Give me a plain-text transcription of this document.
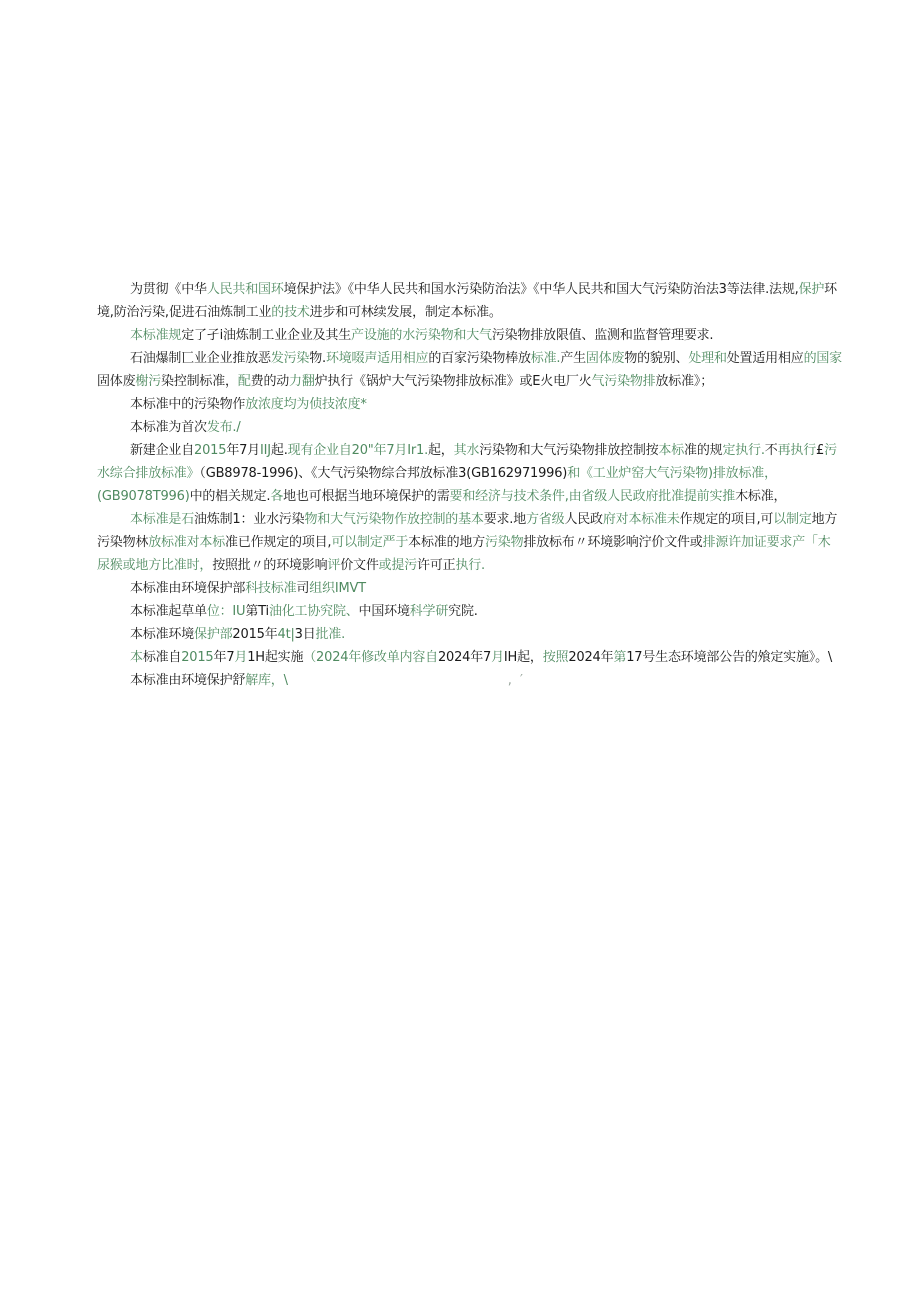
为贯彻《中华人民共和国环境保护法》《中华人民共和国水污染防治法》《中华人民共和国大气污染防治法3等法律.法规,保护环境,防治污染,促进石油炼制工业的技术进步和可林续发展，制定本标准。

本标准规定了孑i油炼制工业企业及其生产设施的水污染物和大气污染物排放限值、监测和监督管理要求.

石油爆制匸业企业推放恶发污染物.环境啜声适用相应的百家污染物棒放标准.产生固体废物的貌别、处理和处置适用相应的国家固体废榭污染控制标准，配费的动力翻炉执行《锅炉大气污染物排放标准》或E火电厂火气污染物排放标准》；

本标准中的污染物作放浓度均为侦技浓度*

本标准为首次发布./

新建企业自2015年7月IIJ起.现有企业自20"年7月Ir1.起，其水污染物和大气污染物排放控制按本标准的规定执行.不再执行£污水综合排放标准》（GB8978-1996)、《大气污染物综合邦放标准3(GB162971996)和《工业炉窑大气污染物)排放标准，(GB9078T996)中的椙关规定.各地也可根据当地环境保护的需要和经济与技术条件,由省级人民政府批准提前实推木标准，

本标准是石油炼制1：业水污染物和大气污染物作放控制的基本要求.地方省级人民政府对本标准未作规定的项目,可以制定地方污染物林放标准对本标准已作规定的项目,可以制定严于本标准的地方污染物排放标布〃环境影响泞价文件或排源许加证要求产「木尿猴或地方比准时，按照批〃的环境影响评价文件或提污许可正执行.

本标准由环境保护部科技标准司组织IMVT

本标准起草单位：IU第Ti油化工协究院、中国环境科学研究院.

本标准环境保护部2015年4t|3日批准.

本标准自2015年7月1H起实施（2024年修改单内容自2024年7月IH起，按照2024年第17号生态环境部公告的飧定实施》。\

本标准由环境保护舒解库，\	, ′
